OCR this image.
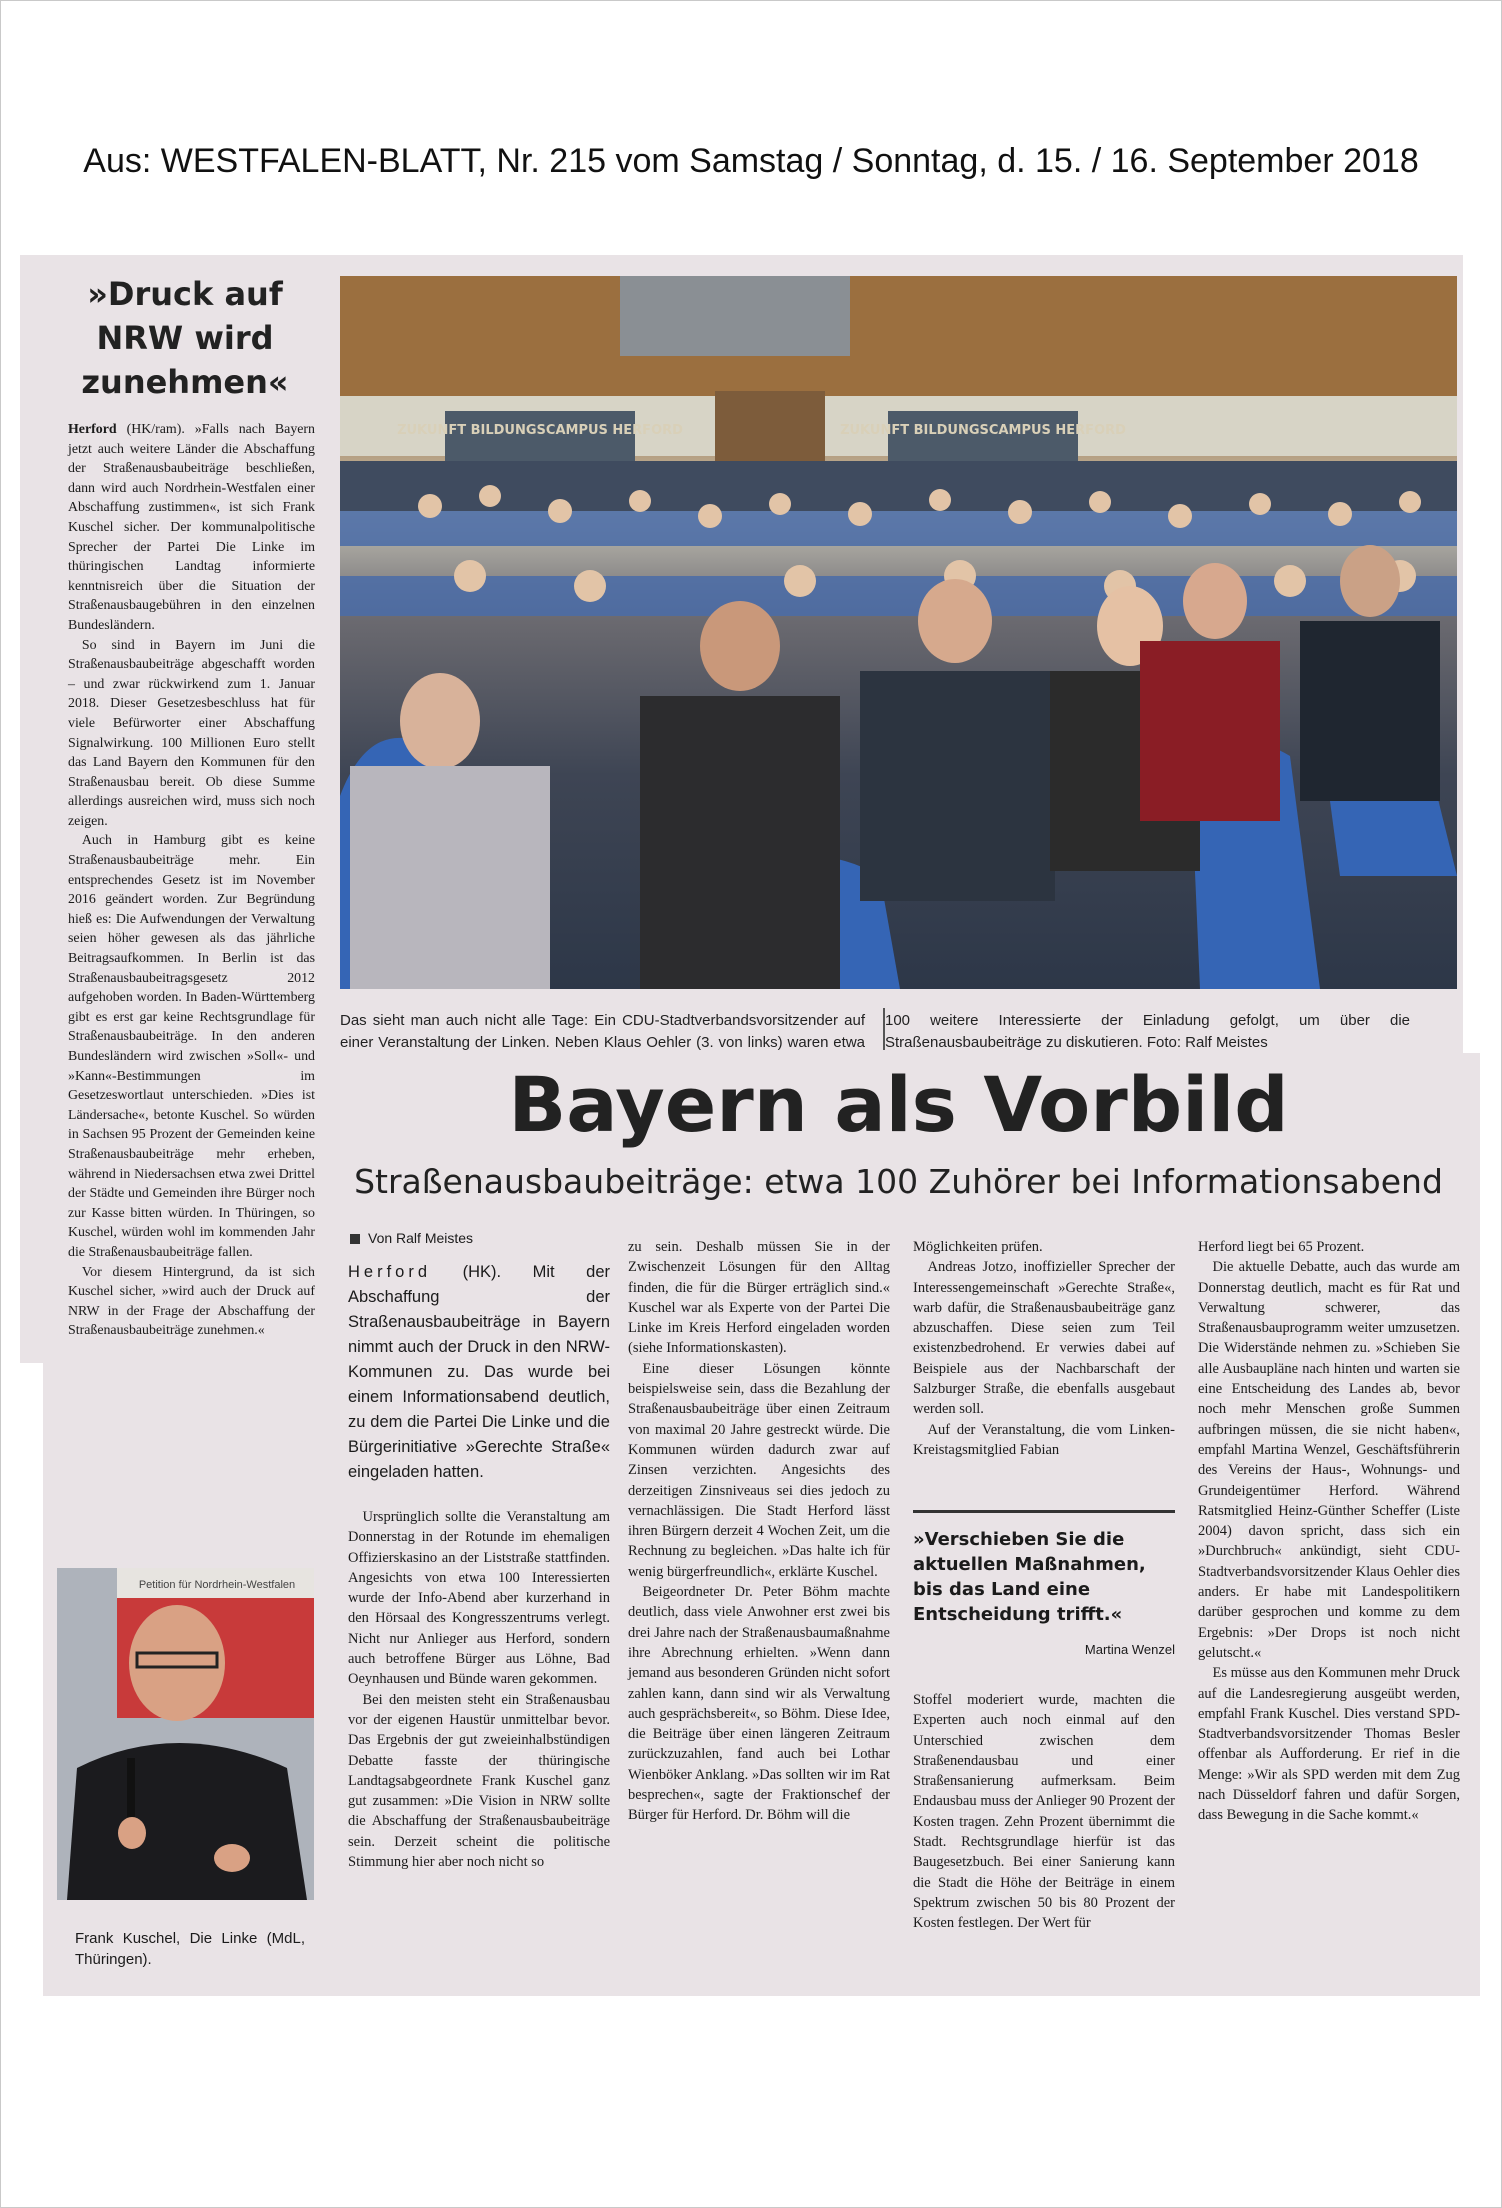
Aus: WESTFALEN-BLATT, Nr. 215 vom Samstag / Sonntag, d. 15. / 16. September 2018
»Druck auf NRW wird zunehmen«

Herford (HK/ram). »Falls nach Bayern jetzt auch weitere Länder die Abschaffung der Straßenausbaubeiträge beschließen, dann wird auch Nordrhein-Westfalen einer Abschaffung zustimmen«, ist sich Frank Kuschel sicher. Der kommunalpolitische Sprecher der Partei Die Linke im thüringischen Landtag informierte kenntnisreich über die Situation der Straßenausbaugebühren in den einzelnen Bundesländern.

So sind in Bayern im Juni die Straßenausbaubeiträge abgeschafft worden – und zwar rückwirkend zum 1. Januar 2018. Dieser Gesetzesbeschluss hat für viele Befürworter einer Abschaffung Signalwirkung. 100 Millionen Euro stellt das Land Bayern den Kommunen für den Straßenausbau bereit. Ob diese Summe allerdings ausreichen wird, muss sich noch zeigen.

Auch in Hamburg gibt es keine Straßenausbaubeiträge mehr. Ein entsprechendes Gesetz ist im November 2016 geändert worden. Zur Begründung hieß es: Die Aufwendungen der Verwaltung seien höher gewesen als das jährliche Beitragsaufkommen. In Berlin ist das Straßenausbaubeitragsgesetz 2012 aufgehoben worden. In Baden-Württemberg gibt es erst gar keine Rechtsgrundlage für Straßenausbaubeiträge. In den anderen Bundesländern wird zwischen »Soll«- und »Kann«-Bestimmungen im Gesetzeswortlaut unterschieden. »Dies ist Ländersache«, betonte Kuschel. So würden in Sachsen 95 Prozent der Gemeinden keine Straßenausbaubeiträge mehr erheben, während in Niedersachsen etwa zwei Drittel der Städte und Gemeinden ihre Bürger noch zur Kasse bitten würden. In Thüringen, so Kuschel, würden wohl im kommenden Jahr die Straßenausbaubeiträge fallen.

Vor diesem Hintergrund, da ist sich Kuschel sicher, »wird auch der Druck auf NRW in der Frage der Abschaffung der Straßenausbaubeiträge zunehmen.«

ZUKUNFT BILDUNGSCAMPUS HERFORD	ZUKUNFT BILDUNGSCAMPUS HERFORD
Das sieht man auch nicht alle Tage: Ein CDU-Stadtverbandsvorsitzender auf einer Veranstaltung der Linken. Neben Klaus Oehler (3. von links) waren etwa 100 weitere Interessierte der Einladung gefolgt, um über die Straßenausbaubeiträge zu diskutieren. Foto: Ralf Meistes
Bayern als Vorbild
Straßenausbaubeiträge: etwa 100 Zuhörer bei Informationsabend
Von Ralf Meistes

Herford (HK). Mit der Abschaffung der Straßenausbaubeiträge in Bayern nimmt auch der Druck in den NRW-Kommunen zu. Das wurde bei einem Informationsabend deutlich, zu dem die Partei Die Linke und die Bürgerinitiative »Gerechte Straße« eingeladen hatten.

Ursprünglich sollte die Veranstaltung am Donnerstag in der Rotunde im ehemaligen Offizierskasino an der Liststraße stattfinden. Angesichts von etwa 100 Interessierten wurde der Info-Abend aber kurzerhand in den Hörsaal des Kongresszentrums verlegt. Nicht nur Anlieger aus Herford, sondern auch betroffene Bürger aus Löhne, Bad Oeynhausen und Bünde waren gekommen.

Bei den meisten steht ein Straßenausbau vor der eigenen Haustür unmittelbar bevor. Das Ergebnis der gut zweieinhalbstündigen Debatte fasste der thüringische Landtagsabgeordnete Frank Kuschel ganz gut zusammen: »Die Vision in NRW sollte die Abschaffung der Straßenausbaubeiträge sein. Derzeit scheint die politische Stimmung hier aber noch nicht so

zu sein. Deshalb müssen Sie in der Zwischenzeit Lösungen für den Alltag finden, die für die Bürger erträglich sind.« Kuschel war als Experte von der Partei Die Linke im Kreis Herford eingeladen worden (siehe Informationskasten).

Eine dieser Lösungen könnte beispielsweise sein, dass die Bezahlung der Straßenausbaubeiträge über einen Zeitraum von maximal 20 Jahre gestreckt würde. Die Kommunen würden dadurch zwar auf Zinsen verzichten. Angesichts des derzeitigen Zinsniveaus sei dies jedoch zu vernachlässigen. Die Stadt Herford lässt ihren Bürgern derzeit 4 Wochen Zeit, um die Rechnung zu begleichen. »Das halte ich für wenig bürgerfreundlich«, erklärte Kuschel.

Beigeordneter Dr. Peter Böhm machte deutlich, dass viele Anwohner erst zwei bis drei Jahre nach der Straßenausbaumaßnahme ihre Abrechnung erhielten. »Wenn dann jemand aus besonderen Gründen nicht sofort zahlen kann, dann sind wir als Verwaltung auch gesprächsbereit«, so Böhm. Diese Idee, die Beiträge über einen längeren Zeitraum zurückzuzahlen, fand auch bei Lothar Wienböker Anklang. »Das sollten wir im Rat besprechen«, sagte der Fraktionschef der Bürger für Herford. Dr. Böhm will die

Möglichkeiten prüfen.

Andreas Jotzo, inoffizieller Sprecher der Interessengemeinschaft »Gerechte Straße«, warb dafür, die Straßenausbaubeiträge ganz abzuschaffen. Diese seien zum Teil existenzbedrohend. Er verwies dabei auf Beispiele aus der Nachbarschaft der Salzburger Straße, die ebenfalls ausgebaut werden soll.

Auf der Veranstaltung, die vom Linken-Kreistagsmitglied Fabian

»Verschieben Sie die aktuellen Maßnahmen, bis das Land eine Entscheidung trifft.«
Martina Wenzel

Stoffel moderiert wurde, machten die Experten auch noch einmal auf den Unterschied zwischen dem Straßenendausbau und einer Straßensanierung aufmerksam. Beim Endausbau muss der Anlieger 90 Prozent der Kosten tragen. Zehn Prozent übernimmt die Stadt. Rechtsgrundlage hierfür ist das Baugesetzbuch. Bei einer Sanierung kann die Stadt die Höhe der Beiträge in einem Spektrum zwischen 50 bis 80 Prozent der Kosten festlegen. Der Wert für

Herford liegt bei 65 Prozent.

Die aktuelle Debatte, auch das wurde am Donnerstag deutlich, macht es für Rat und Verwaltung schwerer, das Straßenausbauprogramm weiter umzusetzen. Die Widerstände nehmen zu. »Schieben Sie alle Ausbaupläne nach hinten und warten sie eine Entscheidung des Landes ab, bevor noch mehr Menschen große Summen aufbringen müssen, die sie nicht haben«, empfahl Martina Wenzel, Geschäftsführerin des Vereins der Haus-, Wohnungs- und Grundeigentümer Herford. Während Ratsmitglied Heinz-Günther Scheffer (Liste 2004) davon spricht, dass sich ein »Durchbruch« ankündigt, sieht CDU-Stadtverbandsvorsitzender Klaus Oehler dies anders. Er habe mit Landespolitikern darüber gesprochen und komme zu dem Ergebnis: »Der Drops ist noch nicht gelutscht.«

Es müsse aus den Kommunen mehr Druck auf die Landesregierung ausgeübt werden, empfahl Frank Kuschel. Dies verstand SPD-Stadtverbandsvorsitzender Thomas Besler offenbar als Aufforderung. Er rief in die Menge: »Wir als SPD werden mit dem Zug nach Düsseldorf fahren und dafür Sorgen, dass Bewegung in die Sache kommt.«

Petition für Nordrhein-Westfalen
Frank Kuschel, Die Linke (MdL, Thüringen).
